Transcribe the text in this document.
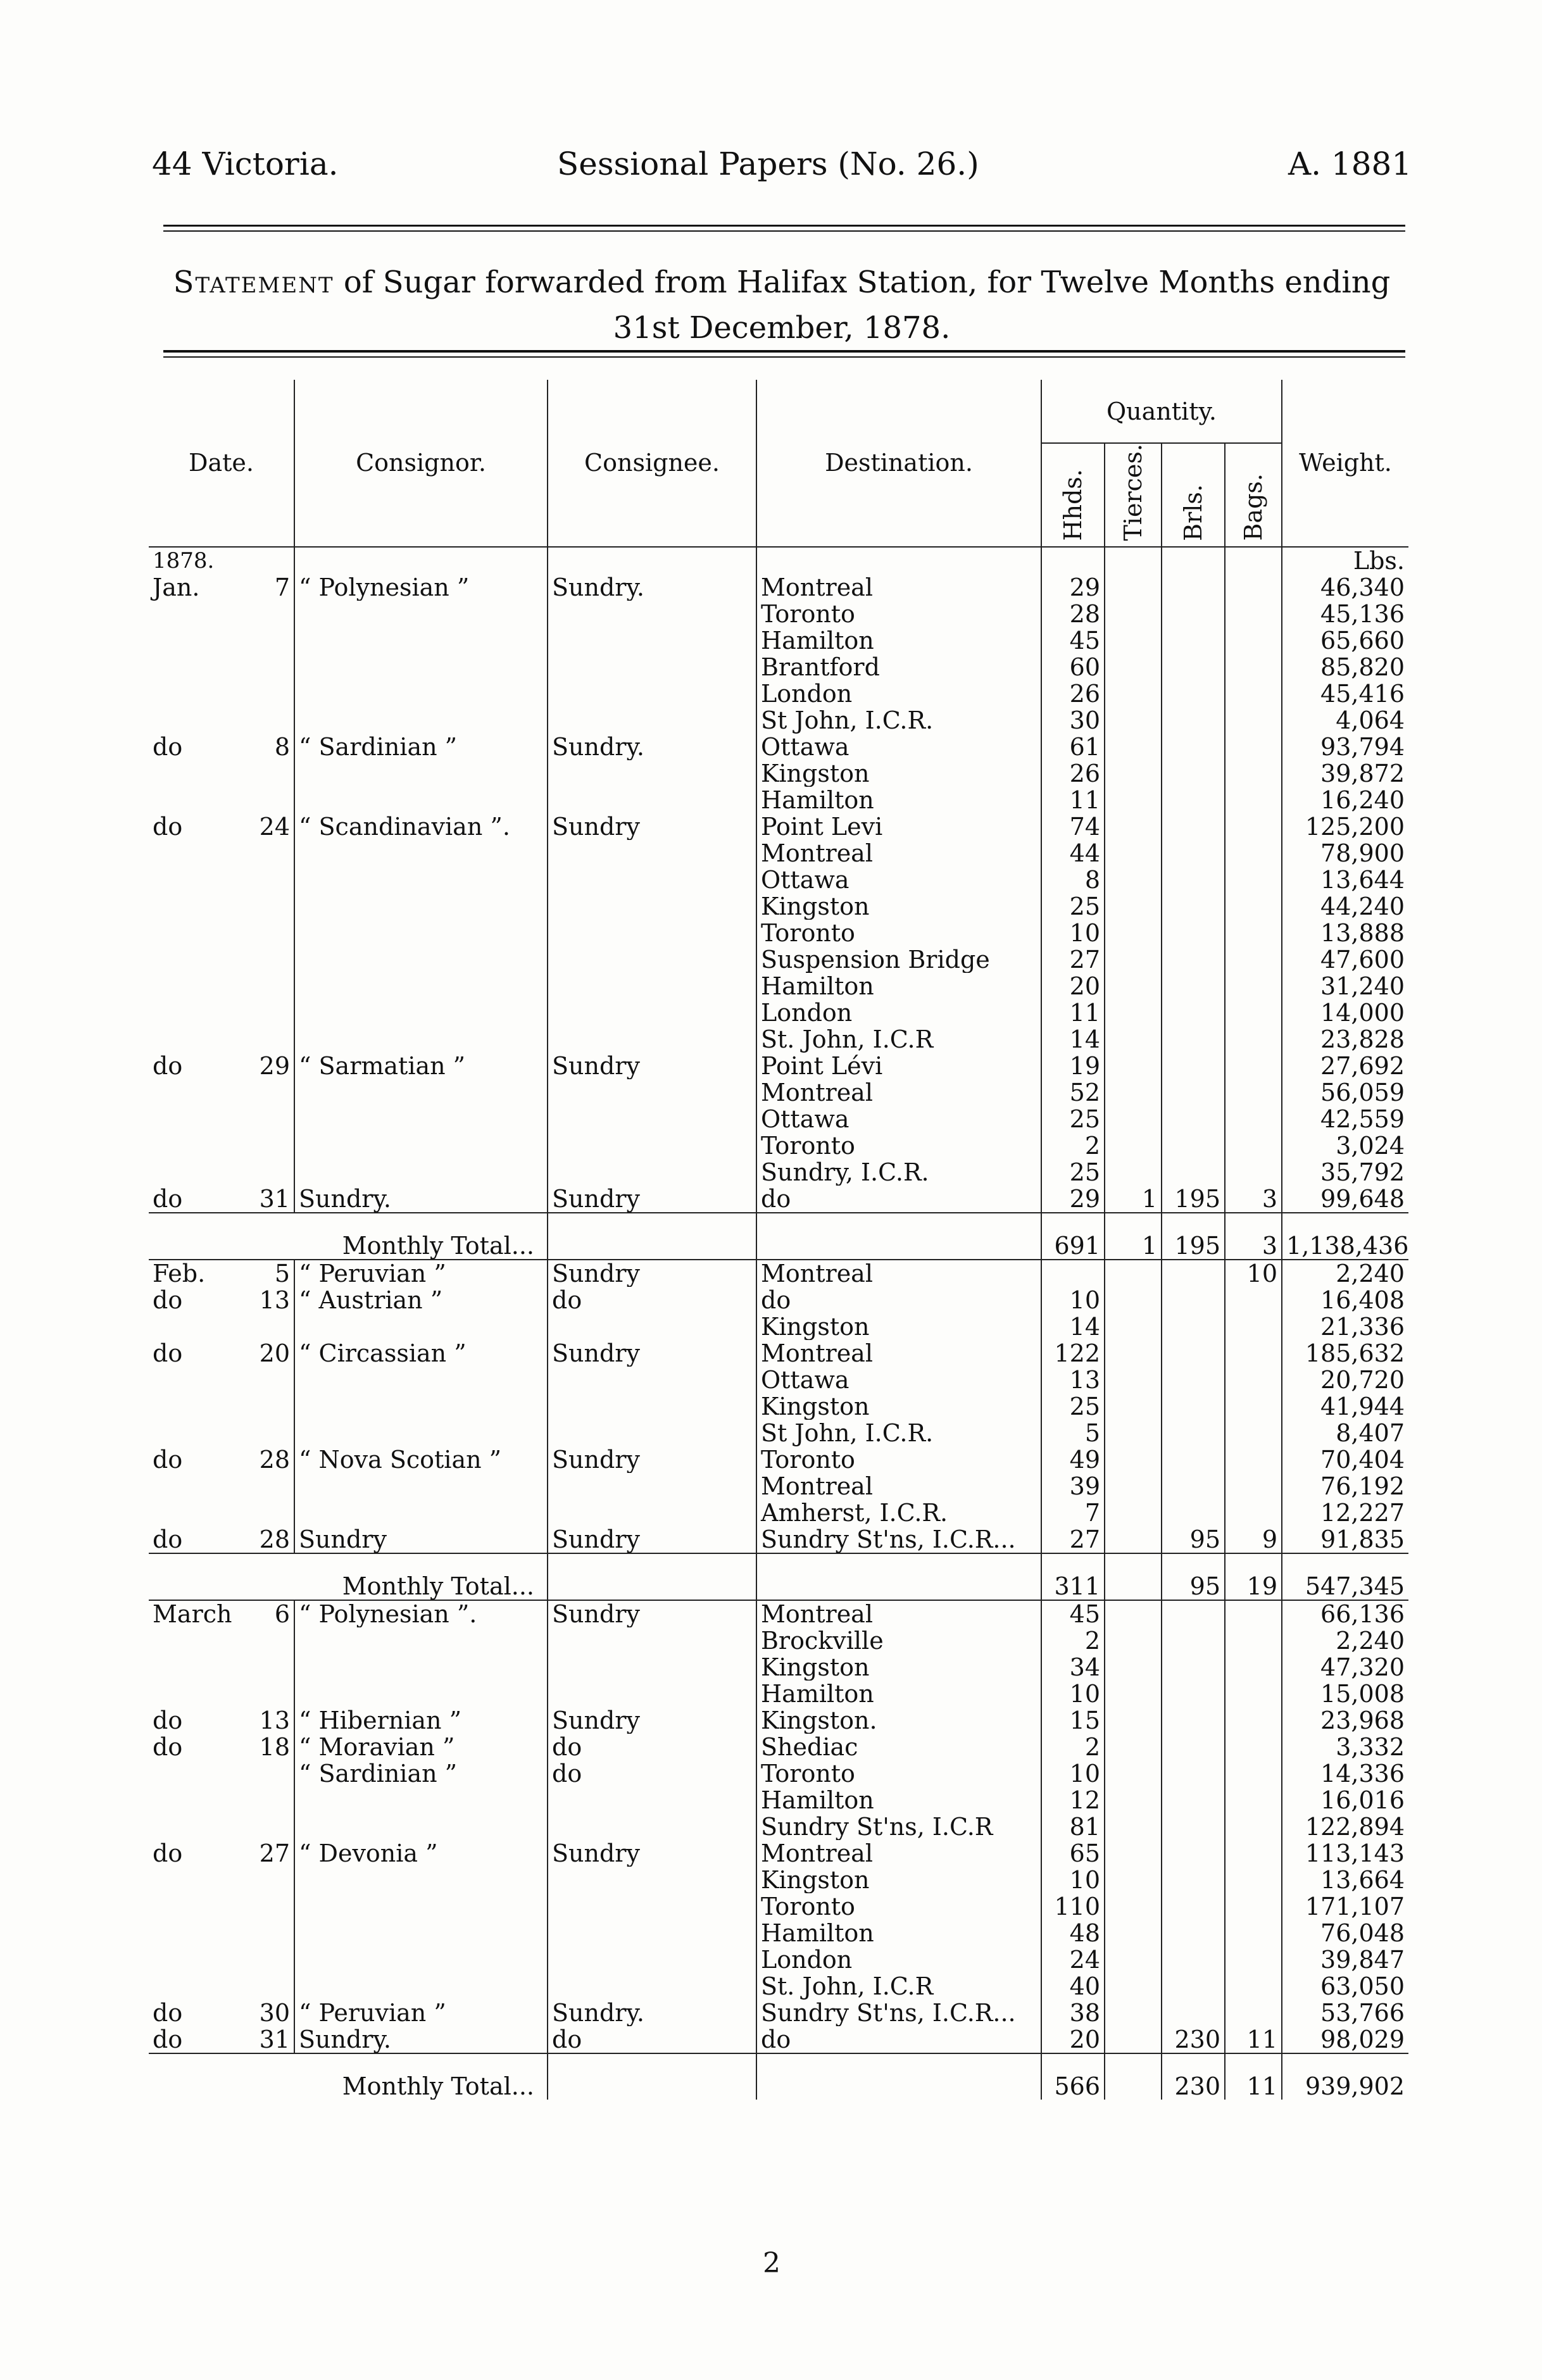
44 Victoria.	Sessional Papers (No. 26.)	A. 1881
Statement of Sugar forwarded from Halifax Station, for Twelve Months ending
31st December, 1878.
					Quantity.				
Date.		Consignor.	Consignee.	Destination.	Hhds.	Tierces.	Brls.	Bags.	Weight.
1878.									Lbs.
Jan.	7	“ Polynesian ”	Sundry.	Montreal	29				46,340
				Toronto	28				45,136
				Hamilton	45				65,660
				Brantford	60				85,820
				London	26				45,416
				St John, I.C.R.	30				4,064
do	8	“ Sardinian ”	Sundry.	Ottawa	61				93,794
				Kingston	26				39,872
				Hamilton	11				16,240
do	24	“ Scandinavian ”.	Sundry	Point Levi	74				125,200
				Montreal	44				78,900
				Ottawa	8				13,644
				Kingston	25				44,240
				Toronto	10				13,888
				Suspension Bridge	27				47,600
				Hamilton	20				31,240
				London	11				14,000
				St. John, I.C.R	14				23,828
do	29	“ Sarmatian ”	Sundry	Point Lévi	19				27,692
				Montreal	52				56,059
				Ottawa	25				42,559
				Toronto	2				3,024
				Sundry, I.C.R.	25				35,792
do	31	Sundry.	Sundry	do	29	1	195	3	99,648
Monthly Total...					691	1	195	3	1,138,436
Feb.	5	“ Peruvian ”	Sundry	Montreal				10	2,240
do	13	“ Austrian ”	do	do	10				16,408
				Kingston	14				21,336
do	20	“ Circassian ”	Sundry	Montreal	122				185,632
				Ottawa	13				20,720
				Kingston	25				41,944
				St John, I.C.R.	5				8,407
do	28	“ Nova Scotian ”	Sundry	Toronto	49				70,404
				Montreal	39				76,192
				Amherst, I.C.R.	7				12,227
do	28	Sundry	Sundry	Sundry St'ns, I.C.R...	27		95	9	91,835
Monthly Total...					311		95	19	547,345
March	6	“ Polynesian ”.	Sundry	Montreal	45				66,136
				Brockville	2				2,240
				Kingston	34				47,320
				Hamilton	10				15,008
do	13	“ Hibernian ”	Sundry	Kingston.	15				23,968
do	18	“ Moravian ”	do	Shediac	2				3,332
		“ Sardinian ”	do	Toronto	10				14,336
				Hamilton	12				16,016
				Sundry St'ns, I.C.R	81				122,894
do	27	“ Devonia ”	Sundry	Montreal	65				113,143
				Kingston	10				13,664
				Toronto	110				171,107
				Hamilton	48				76,048
				London	24				39,847
				St. John, I.C.R	40				63,050
do	30	“ Peruvian ”	Sundry.	Sundry St'ns, I.C.R...	38				53,766
do	31	Sundry.	do	do	20		230	11	98,029
Monthly Total...					566		230	11	939,902
2
